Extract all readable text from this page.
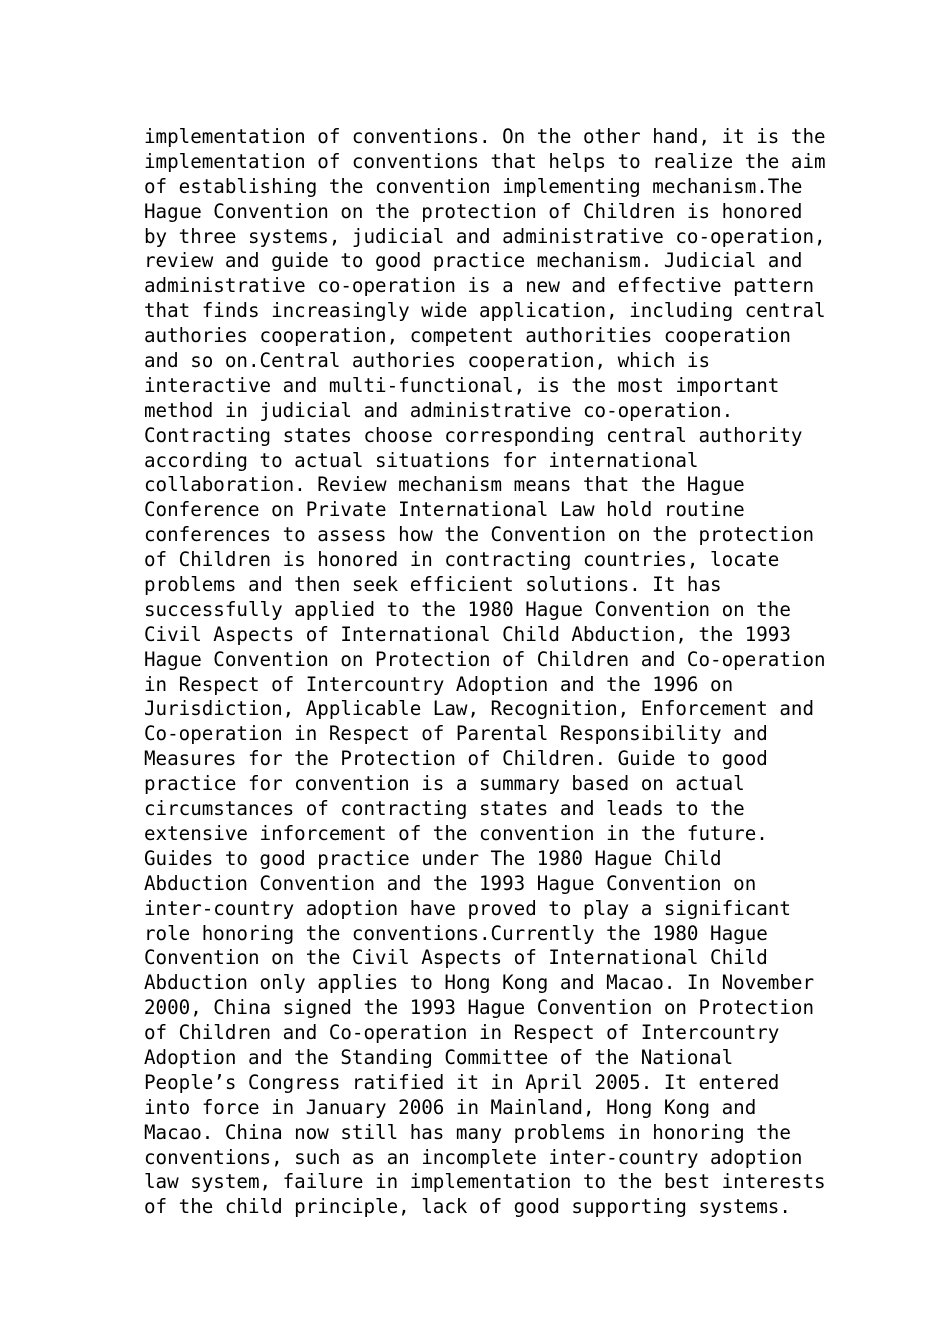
implementation of conventions. On the other hand, it is the
implementation of conventions that helps to realize the aim
of establishing the convention implementing mechanism.The
Hague Convention on the protection of Children is honored
by three systems, judicial and administrative co-operation,
review and guide to good practice mechanism. Judicial and
administrative co-operation is a new and effective pattern
that finds increasingly wide application, including central
authories cooperation, competent authorities cooperation
and so on.Central authories cooperation, which is
interactive and multi-functional, is the most important
method in judicial and administrative co-operation.
Contracting states choose corresponding central authority
according to actual situations for international
collaboration. Review mechanism means that the Hague
Conference on Private International Law hold routine
conferences to assess how the Convention on the protection
of Children is honored in contracting countries, locate
problems and then seek efficient solutions. It has
successfully applied to the 1980 Hague Convention on the
Civil Aspects of International Child Abduction, the 1993
Hague Convention on Protection of Children and Co-operation
in Respect of Intercountry Adoption and the 1996 on
Jurisdiction, Applicable Law, Recognition, Enforcement and
Co-operation in Respect of Parental Responsibility and
Measures for the Protection of Children. Guide to good
practice for convention is a summary based on actual
circumstances of contracting states and leads to the
extensive inforcement of the convention in the future.
Guides to good practice under The 1980 Hague Child
Abduction Convention and the 1993 Hague Convention on
inter-country adoption have proved to play a significant
role honoring the conventions.Currently the 1980 Hague
Convention on the Civil Aspects of International Child
Abduction only applies to Hong Kong and Macao. In November
2000, China signed the 1993 Hague Convention on Protection
of Children and Co-operation in Respect of Intercountry
Adoption and the Standing Committee of the National
People’s Congress ratified it in April 2005. It entered
into force in January 2006 in Mainland, Hong Kong and
Macao. China now still has many problems in honoring the
conventions, such as an incomplete inter-country adoption
law system, failure in implementation to the best interests
of the child principle, lack of good supporting systems.
